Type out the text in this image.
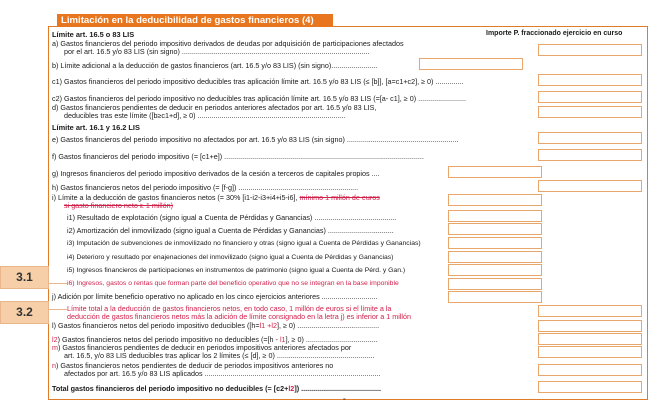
Limitación en la deducibilidad de gastos financieros (4)
Importe P. fraccionado ejercicio en curso
Límite art. 16.5 o 83 LIS
a) Gastos financieros del periodo impositivo derivados de deudas por adquisición de participaciones afectados
por el art. 16.5 y/o 83 LIS (sin signo) ..............................................................................................
b) Límite adicional a la deducción de gastos financieros (art. 16.5 y/o 83 LIS) (sin signo).......................
c1) Gastos financieros del periodo impositivo deducibles tras aplicación límite art. 16.5 y/o 83 LIS (≤ [b]], [a=c1+c2], ≥ 0) ..............
c2) Gastos financieros del periodo impositivo no deducibles tras aplicación límite art. 16.5 y/o 83 LIS (=[a- c1], ≥ 0) ........................
d) Gastos financieros pendientes de deducir en periodos anteriores afectados por art. 16.5 y/o 83 LIS,
deducibles tras este límite ([b≥c1+d], ≥ 0) ..........................................................................
Límite art. 16.1 y 16.2 LIS
e) Gastos financieros del periodo impositivo no afectados por art. 16.5 y/o 83 LIS (sin signo) ........................................................
f) Gastos financieros del periodo impositivo (= [c1+e]) ....................................................................................................
g) Ingresos financieros del periodo impositivo derivados de la cesión a terceros de capitales propios ....
h) Gastos financieros netos del periodo impositivo (= [f-g]) ............................................................
i) Límite a la deducción de gastos financieros netos (= 30% [i1-i2-i3+i4+i5-i6], mínimo 1 millón de euros
si gasto financiero neto ≥ 1 millón)
i1) Resultado de explotación (signo igual a Cuenta de Pérdidas y Ganancias) .........................................
i2) Amortización del inmovilizado (signo igual a Cuenta de Pérdidas y Ganancias) .................................
i3) Imputación de subvenciones de inmovilizado no financiero y otras (signo igual a Cuenta de Pérdidas y Ganancias)
i4) Deterioro y resultado por enajenaciones del inmovilizado (signo igual a Cuenta de Pérdidas y Ganancias)
i5) Ingresos financieros de participaciones en instrumentos de patrimonio (signo igual a Cuenta de Pérd. y Gan.)
i6) Ingresos, gastos o rentas que forman parte del beneficio operativo que no se integran en la base imponible
j) Adición por límite beneficio operativo no aplicado en los cinco ejercicios anteriores ............................
Límite total a la deducción de gastos financieros netos, en todo caso, 1 millón de euros si el límite a la
deducción de gastos financieros netos más la adición de límite consignado en la letra j) es inferior a 1 millón
l) Gastos financieros netos del periodo impositivo deducibles ([h=l1 +l2], ≥ 0) .........................................
l2) Gastos financieros netos del periodo impositivo no deducibles (=[h - l1], ≥ 0) ....................................
m) Gastos financieros pendientes de deducir en periodos impositivos anteriores afectados por
art. 16.5, y/o 83 LIS deducibles tras aplicar los 2 límites (≤ [d], ≥ 0) .................................................
n) Gastos financieros netos pendientes de deducir de periodos impositivos anteriores no
afectados por art. 16.5 y/o 83 LIS aplicados ........................................................................................
Total gastos financieros del periodo impositivo no deducibles (= [c2+l2]) ........................................
3.1
3.2
°
